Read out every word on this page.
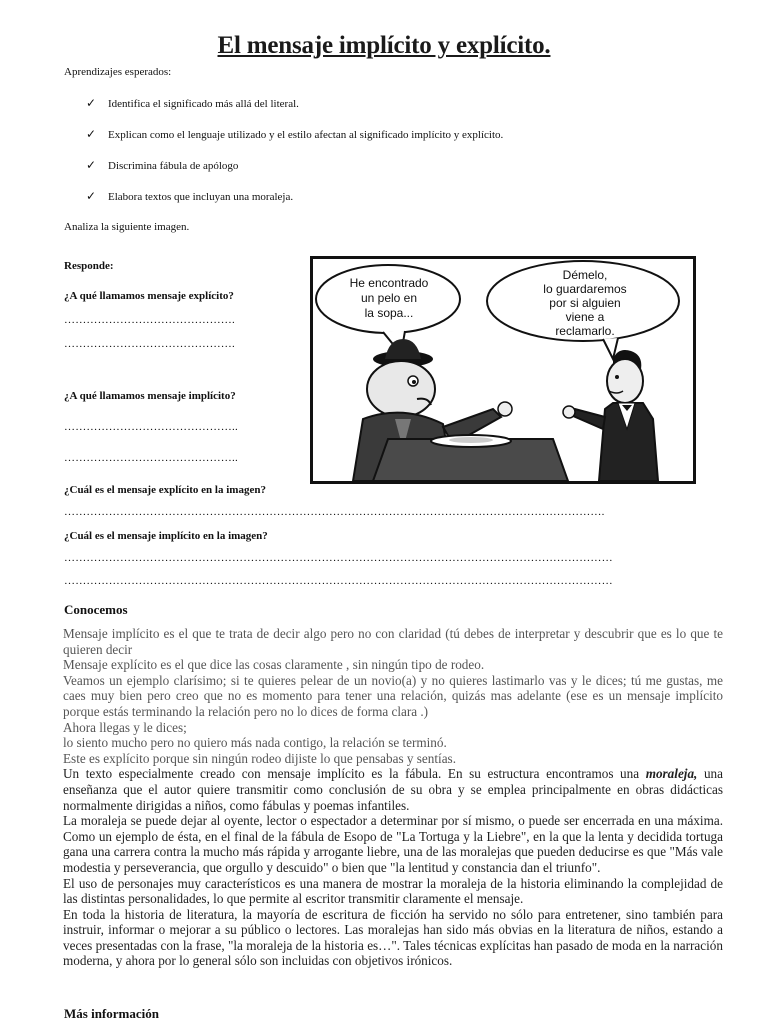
El mensaje implícito y explícito.
Aprendizajes esperados:
✓	Identifica el significado más allá del literal.
✓	Explican como el lenguaje utilizado y el estilo afectan al significado implícito y explícito.
✓	Discrimina fábula de apólogo
✓	Elabora textos que incluyan una moraleja.
Analiza la siguiente imagen.
Responde:
¿A qué llamamos mensaje explícito?
……………………………………….
……………………………………….
¿A qué llamamos mensaje implícito?
………………………………………..
………………………………………..
¿Cuál es el mensaje explícito en la imagen?
……………………………………………………………………………………………………………………………….
¿Cuál es el mensaje implícito en la imagen?
…………………………………………………………………………………………………………………………………
…………………………………………………………………………………………………………………………………
He encontrado
un pelo en
la sopa...
Démelo,
lo guardaremos
por si alguien
viene a
reclamarlo.
Conocemos

Mensaje implícito es el que te trata de decir algo pero no con claridad (tú debes de interpretar y descubrir que es lo que te quieren decir

Mensaje explícito es el que dice las cosas claramente , sin ningún tipo de rodeo.

Veamos un ejemplo clarísimo; si te quieres pelear de un novio(a) y no quieres lastimarlo vas y le dices; tú me gustas, me caes muy bien pero creo que no es momento para tener una relación, quizás mas adelante (ese es un mensaje implícito porque estás terminando la relación pero no lo dices de forma clara .)

Ahora llegas y le dices;

lo siento mucho pero no quiero más nada contigo, la relación se terminó.

Este es explícito porque sin ningún rodeo dijiste lo que pensabas y sentías.

Un texto especialmente creado con mensaje implícito es la fábula. En su estructura encontramos una moraleja, una enseñanza que el autor quiere transmitir como conclusión de su obra y se emplea principalmente en obras didácticas normalmente dirigidas a niños, como fábulas y poemas infantiles.

La moraleja se puede dejar al oyente, lector o espectador a determinar por sí mismo, o puede ser encerrada en una máxima. Como un ejemplo de ésta, en el final de la fábula de Esopo de "La Tortuga y la Liebre", en la que la lenta y decidida tortuga gana una carrera contra la mucho más rápida y arrogante liebre, una de las moralejas que pueden deducirse es que "Más vale modestia y perseverancia, que orgullo y descuido" o bien que "la lentitud y constancia dan el triunfo".

El uso de personajes muy característicos es una manera de mostrar la moraleja de la historia eliminando la complejidad de las distintas personalidades, lo que permite al escritor transmitir claramente el mensaje.

En toda la historia de literatura, la mayoría de escritura de ficción ha servido no sólo para entretener, sino también para instruir, informar o mejorar a su público o lectores. Las moralejas han sido más obvias en la literatura de niños, estando a veces presentadas con la frase, "la moraleja de la historia es…". Tales técnicas explícitas han pasado de moda en la narración moderna, y ahora por lo general sólo son incluidas con objetivos irónicos.

Más información
